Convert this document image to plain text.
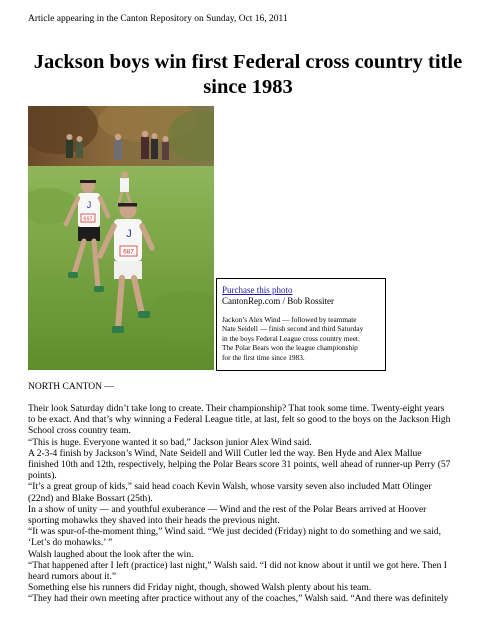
Article appearing in the Canton Repository on Sunday, Oct 16, 2011
Jackson boys win first Federal cross country title
since 1983
J
697
J
687
Purchase this photo
CantonRep.com / Bob Rossiter
Jackon’s Alex Wind — followed by teammate
Nate Seidell — finish second and third Saturday
in the boys Federal League cross country meet.
The Polar Bears won the league championship
for the first time since 1983.
NORTH CANTON —
Their look Saturday didn’t take long to create. Their championship? That took some time. Twenty-eight years
to be exact. And that’s why winning a Federal League title, at last, felt so good to the boys on the Jackson High
School cross country team.
“This is huge. Everyone wanted it so bad,” Jackson junior Alex Wind said.
A 2-3-4 finish by Jackson’s Wind, Nate Seidell and Will Cutler led the way. Ben Hyde and Alex Mallue
finished 10th and 12th, respectively, helping the Polar Bears score 31 points, well ahead of runner-up Perry (57
points).
“It’s a great group of kids,” said head coach Kevin Walsh, whose varsity seven also included Matt Olinger
(22nd) and Blake Bossart (25th).
In a show of unity — and youthful exuberance — Wind and the rest of the Polar Bears arrived at Hoover
sporting mohawks they shaved into their heads the previous night.
“It was spur-of-the-moment thing,” Wind said. “We just decided (Friday) night to do something and we said,
‘Let’s do mohawks.’ ”
Walsh laughed about the look after the win.
“That happened after I left (practice) last night,” Walsh said. “I did not know about it until we got here. Then I
heard rumors about it.”
Something else his runners did Friday night, though, showed Walsh plenty about his team.
“They had their own meeting after practice without any of the coaches,” Walsh said. “And there was definitely
